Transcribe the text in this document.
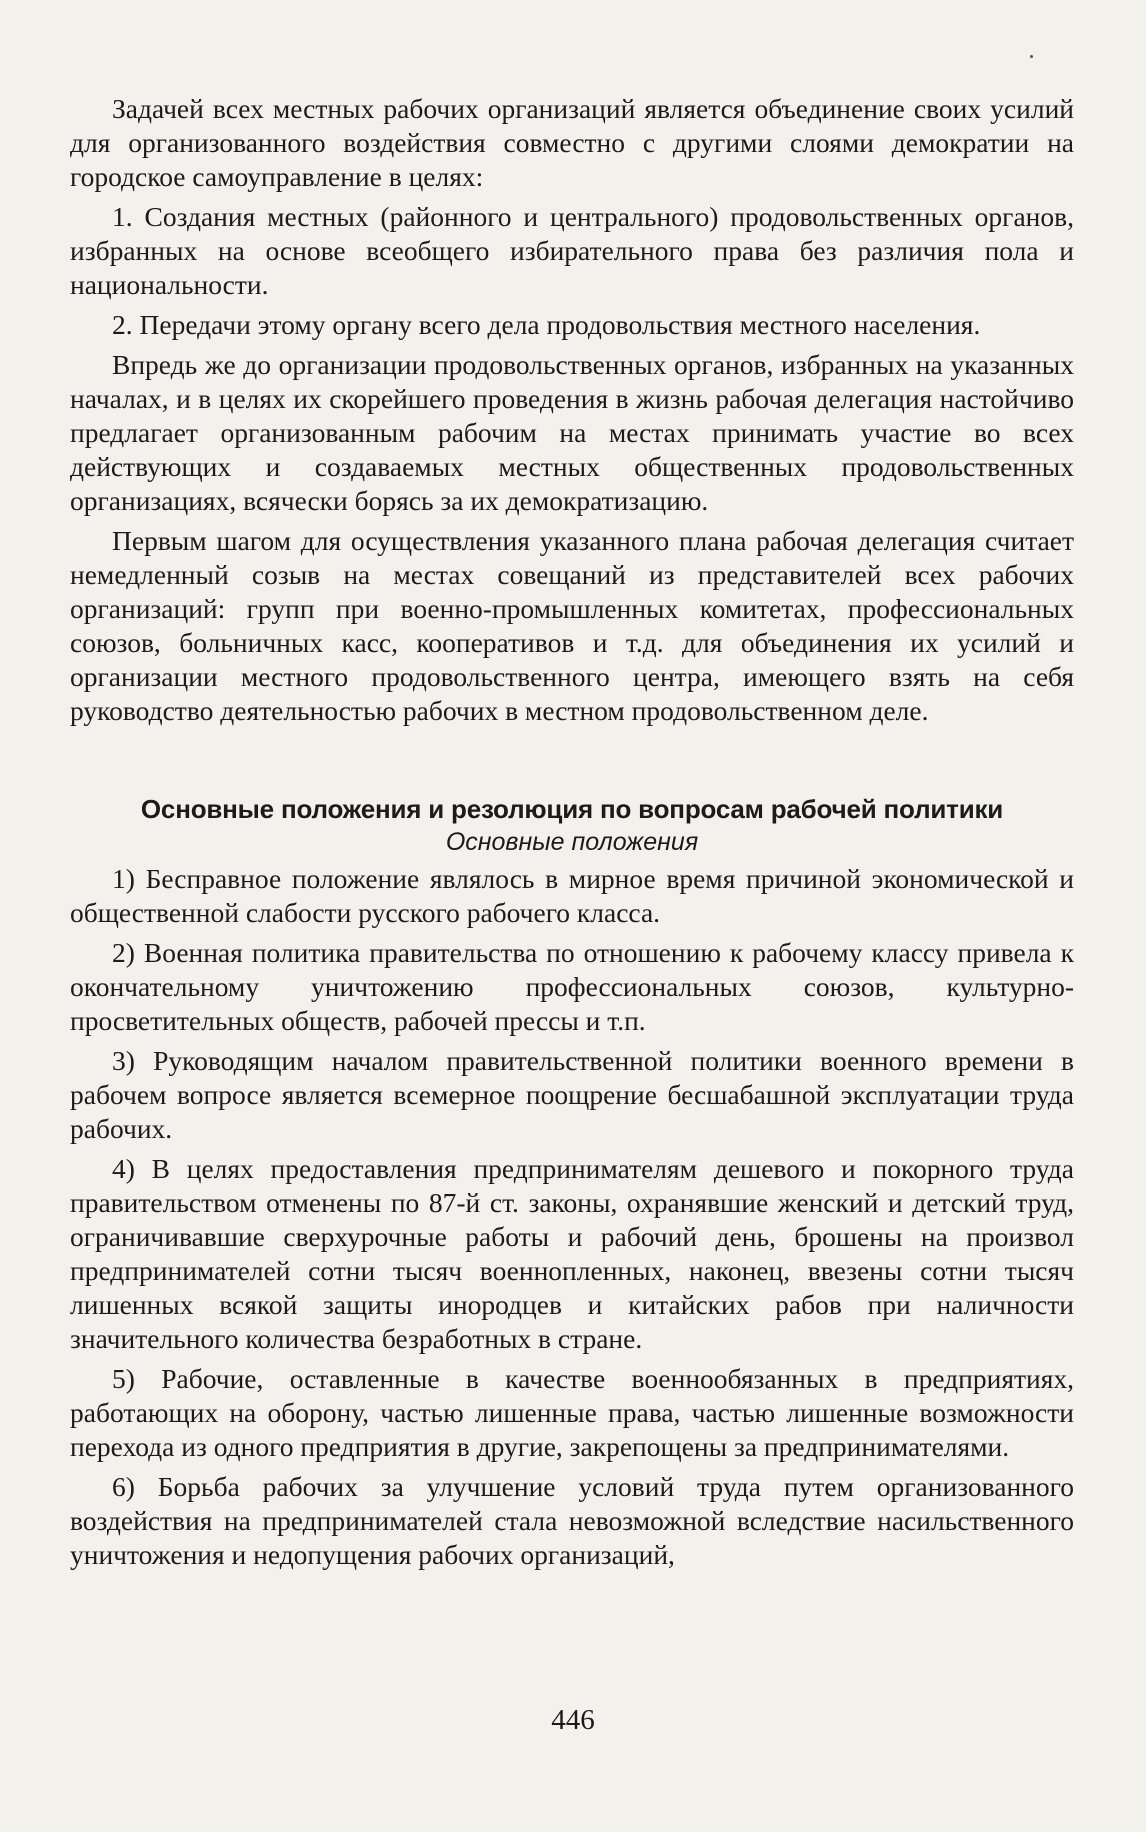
Задачей всех местных рабочих организаций является объединение своих усилий для организованного воздействия совместно с другими слоями демократии на городское самоуправление в целях:

1. Создания местных (районного и центрального) продовольственных органов, избранных на основе всеобщего избирательного права без различия пола и национальности.

2. Передачи этому органу всего дела продовольствия местного населения.

Впредь же до организации продовольственных органов, избранных на указанных началах, и в целях их скорейшего проведения в жизнь рабочая делегация настойчиво предлагает организованным рабочим на местах принимать участие во всех действующих и создаваемых местных общественных продовольственных организациях, всячески борясь за их демократизацию.

Первым шагом для осуществления указанного плана рабочая делегация считает немедленный созыв на местах совещаний из представителей всех рабочих организаций: групп при военно-промышленных комитетах, профессиональных союзов, больничных касс, кооперативов и т.д. для объединения их усилий и организации местного продовольственного центра, имеющего взять на себя руководство деятельностью рабочих в местном продовольственном деле.

Основные положения и резолюция по вопросам рабочей политики
Основные положения

1) Бесправное положение являлось в мирное время причиной экономической и общественной слабости русского рабочего класса.

2) Военная политика правительства по отношению к рабочему классу привела к окончательному уничтожению профессиональных союзов, культурно-просветительных обществ, рабочей прессы и т.п.

3) Руководящим началом правительственной политики военного времени в рабочем вопросе является всемерное поощрение бесшабашной эксплуатации труда рабочих.

4) В целях предоставления предпринимателям дешевого и покорного труда правительством отменены по 87-й ст. законы, охранявшие женский и детский труд, ограничивавшие сверхурочные работы и рабочий день, брошены на произвол предпринимателей сотни тысяч военнопленных, наконец, ввезены сотни тысяч лишенных всякой защиты инородцев и китайских рабов при наличности значительного количества безработных в стране.

5) Рабочие, оставленные в качестве военнообязанных в предприятиях, работающих на оборону, частью лишенные права, частью лишенные возможности перехода из одного предприятия в другие, закрепощены за предпринимателями.

6) Борьба рабочих за улучшение условий труда путем организованного воздействия на предпринимателей стала невозможной вследствие насильственного уничтожения и недопущения рабочих организаций,

446
